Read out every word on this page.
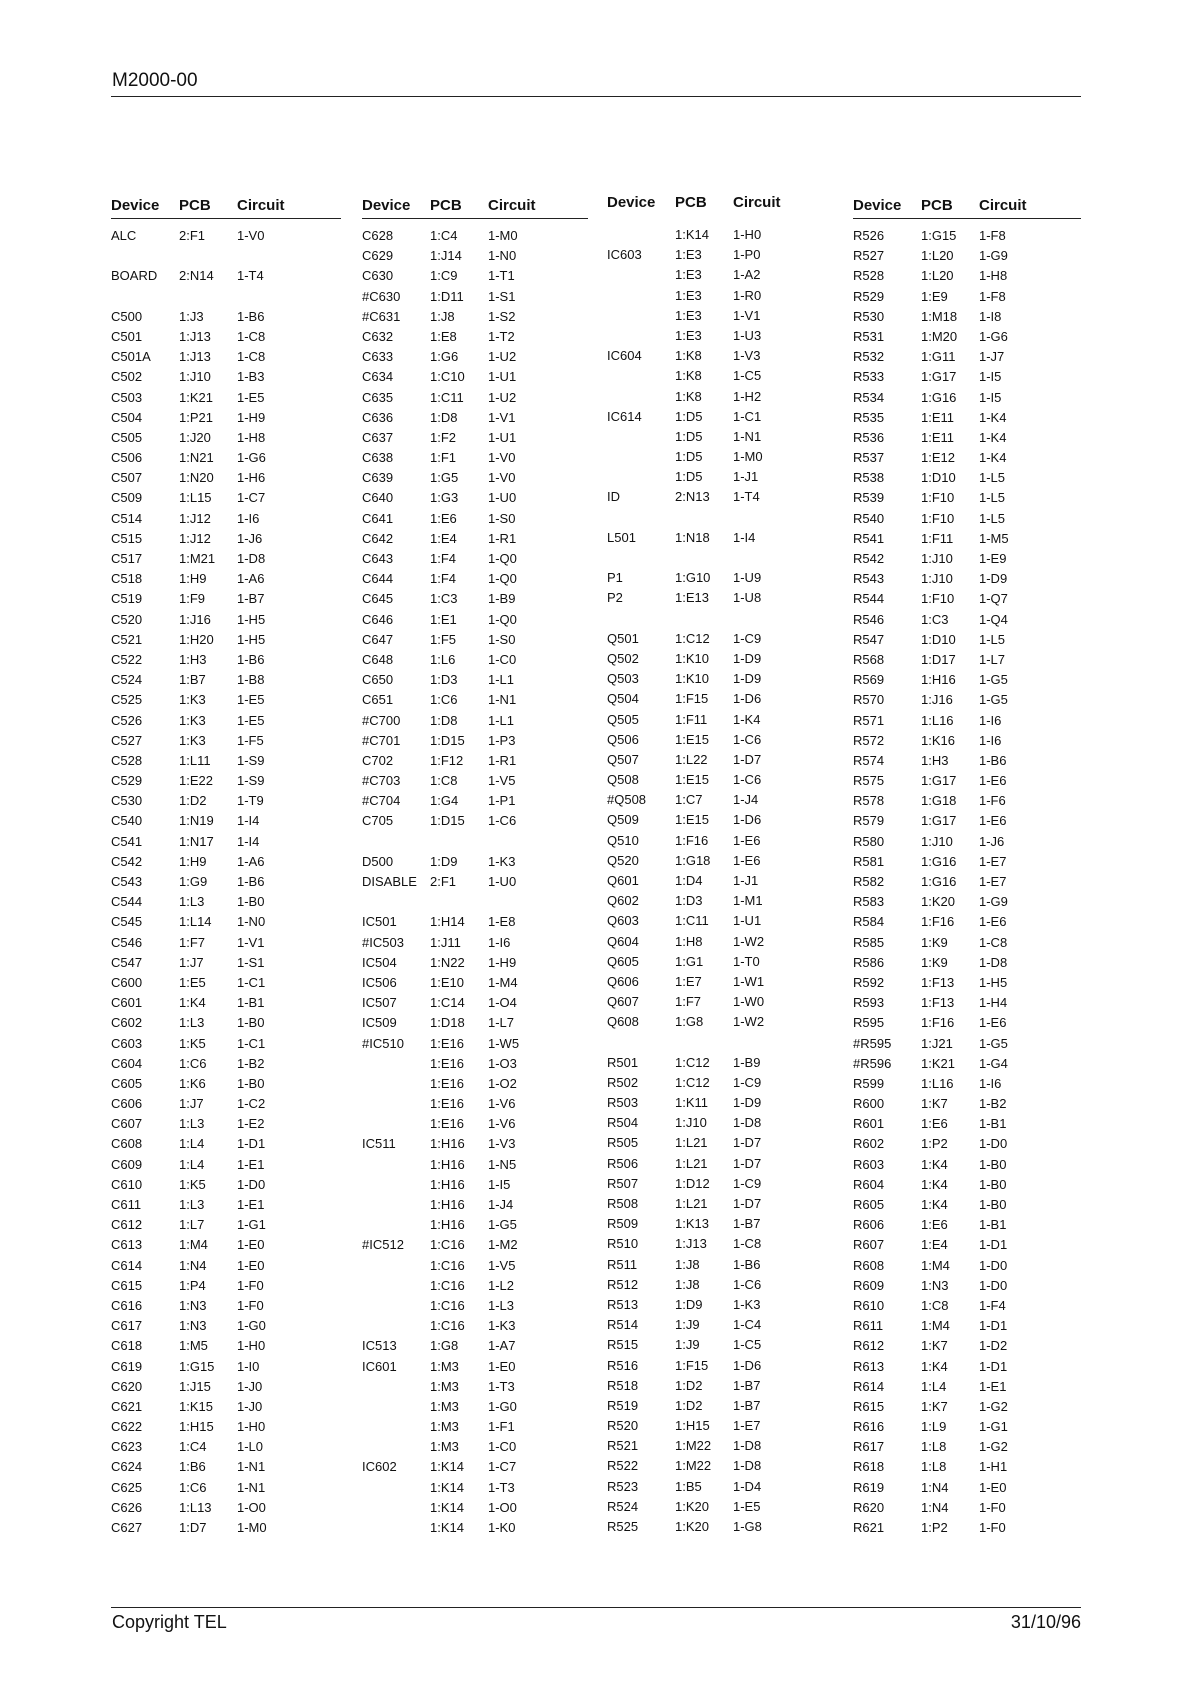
M2000-00
Device PCB Circuit
ALC	2:F1 1-V0
BOARD 2:N14 1-T4
C500	1:J3	1-B6
C501	1:J13 1-C8
C501A 1:J13 1-C8
C502	1:J10 1-B3
C503	1:K21 1-E5
C504	1:P21 1-H9
C505	1:J20 1-H8
C506	1:N21 1-G6
C507	1:N20 1-H6
C509	1:L15 1-C7
C514	1:J12 1-I6
C515	1:J12 1-J6
C517	1:M21 1-D8
C518	1:H9 1-A6
C519	1:F9 1-B7
C520	1:J16 1-H5
C521	1:H20 1-H5
C522	1:H3 1-B6
C524	1:B7 1-B8
C525	1:K3 1-E5
C526	1:K3 1-E5
C527	1:K3 1-F5
C528	1:L11 1-S9
C529	1:E22 1-S9
C530	1:D2 1-T9
C540	1:N19 1-I4
C541	1:N17 1-I4
C542	1:H9 1-A6
C543	1:G9 1-B6
C544	1:L3	1-B0
C545	1:L14 1-N0
C546	1:F7 1-V1
C547	1:J7	1-S1
C600	1:E5 1-C1
C601	1:K4 1-B1
C602	1:L3	1-B0
C603	1:K5 1-C1
C604	1:C6 1-B2
C605	1:K6 1-B0
C606	1:J7	1-C2
C607	1:L3	1-E2
C608	1:L4	1-D1
C609	1:L4	1-E1
C610	1:K5 1-D0
C611	1:L3	1-E1
C612	1:L7	1-G1
C613	1:M4 1-E0
C614	1:N4 1-E0
C615	1:P4 1-F0
C616	1:N3 1-F0
C617	1:N3 1-G0
C618	1:M5 1-H0
C619	1:G15 1-I0
C620	1:J15 1-J0
C621	1:K15 1-J0
C622	1:H15 1-H0
C623	1:C4 1-L0
C624	1:B6 1-N1
C625	1:C6 1-N1
C626	1:L13 1-O0
C627	1:D7 1-M0
Device PCB Circuit
C628	1:C4 1-M0
C629	1:J14 1-N0
C630	1:C9 1-T1
#C630 1:D11 1-S1
#C631 1:J8	1-S2
C632	1:E8 1-T2
C633	1:G6 1-U2
C634	1:C10 1-U1
C635	1:C11 1-U2
C636	1:D8 1-V1
C637	1:F2 1-U1
C638	1:F1 1-V0
C639	1:G5 1-V0
C640	1:G3 1-U0
C641	1:E6 1-S0
C642	1:E4 1-R1
C643	1:F4 1-Q0
C644	1:F4 1-Q0
C645	1:C3 1-B9
C646	1:E1 1-Q0
C647	1:F5 1-S0
C648	1:L6	1-C0
C650	1:D3 1-L1
C651	1:C6 1-N1
#C700 1:D8 1-L1
#C701 1:D15 1-P3
C702	1:F12 1-R1
#C703 1:C8 1-V5
#C704 1:G4 1-P1
C705	1:D15 1-C6
D500	1:D9 1-K3
DISABLE 2:F1 1-U0
IC501	1:H14 1-E8
#IC503 1:J11 1-I6
IC504	1:N22 1-H9
IC506	1:E10 1-M4
IC507	1:C14 1-O4
IC509	1:D18 1-L7
#IC510 1:E16 1-W5
1:E16 1-O3
1:E16 1-O2
1:E16 1-V6
1:E16 1-V6
IC511	1:H16 1-V3
1:H16 1-N5
1:H16 1-I5
1:H16 1-J4
1:H16 1-G5
#IC512 1:C16 1-M2
1:C16 1-V5
1:C16 1-L2
1:C16 1-L3
1:C16 1-K3
IC513	1:G8 1-A7
IC601	1:M3 1-E0
1:M3 1-T3
1:M3 1-G0
1:M3 1-F1
1:M3 1-C0
IC602	1:K14 1-C7
1:K14 1-T3
1:K14 1-O0
1:K14 1-K0
Device PCB Circuit
1:K14 1-H0
IC603	1:E3 1-P0
1:E3 1-A2
1:E3 1-R0
1:E3 1-V1
1:E3 1-U3
IC604	1:K8 1-V3
1:K8 1-C5
1:K8 1-H2
IC614	1:D5 1-C1
1:D5 1-N1
1:D5 1-M0
1:D5 1-J1
ID	2:N13 1-T4
L501	1:N18 1-I4
P1	1:G10 1-U9
P2	1:E13 1-U8
Q501	1:C12 1-C9
Q502	1:K10 1-D9
Q503	1:K10 1-D9
Q504	1:F15 1-D6
Q505	1:F11 1-K4
Q506	1:E15 1-C6
Q507	1:L22 1-D7
Q508	1:E15 1-C6
#Q508 1:C7 1-J4
Q509	1:E15 1-D6
Q510	1:F16 1-E6
Q520	1:G18 1-E6
Q601	1:D4 1-J1
Q602	1:D3 1-M1
Q603	1:C11 1-U1
Q604	1:H8 1-W2
Q605	1:G1 1-T0
Q606	1:E7 1-W1
Q607	1:F7 1-W0
Q608	1:G8 1-W2
R501	1:C12 1-B9
R502	1:C12 1-C9
R503	1:K11 1-D9
R504	1:J10 1-D8
R505	1:L21 1-D7
R506	1:L21 1-D7
R507	1:D12 1-C9
R508	1:L21 1-D7
R509	1:K13 1-B7
R510	1:J13 1-C8
R511	1:J8	1-B6
R512	1:J8	1-C6
R513	1:D9 1-K3
R514	1:J9	1-C4
R515	1:J9	1-C5
R516	1:F15 1-D6
R518	1:D2 1-B7
R519	1:D2 1-B7
R520	1:H15 1-E7
R521	1:M22 1-D8
R522	1:M22 1-D8
R523	1:B5 1-D4
R524	1:K20 1-E5
R525	1:K20 1-G8
Device PCB Circuit
R526	1:G15 1-F8
R527	1:L20 1-G9
R528	1:L20 1-H8
R529	1:E9 1-F8
R530	1:M18 1-I8
R531	1:M20 1-G6
R532	1:G11 1-J7
R533	1:G17 1-I5
R534	1:G16 1-I5
R535	1:E11 1-K4
R536	1:E11 1-K4
R537	1:E12 1-K4
R538	1:D10 1-L5
R539	1:F10 1-L5
R540	1:F10 1-L5
R541	1:F11 1-M5
R542	1:J10 1-E9
R543	1:J10 1-D9
R544	1:F10 1-Q7
R546	1:C3 1-Q4
R547	1:D10 1-L5
R568	1:D17 1-L7
R569	1:H16 1-G5
R570	1:J16 1-G5
R571	1:L16 1-I6
R572	1:K16 1-I6
R574	1:H3 1-B6
R575	1:G17 1-E6
R578	1:G18 1-F6
R579	1:G17 1-E6
R580	1:J10 1-J6
R581	1:G16 1-E7
R582	1:G16 1-E7
R583	1:K20 1-G9
R584	1:F16 1-E6
R585	1:K9 1-C8
R586	1:K9 1-D8
R592	1:F13 1-H5
R593	1:F13 1-H4
R595	1:F16 1-E6
#R595 1:J21 1-G5
#R596 1:K21 1-G4
R599	1:L16 1-I6
R600	1:K7 1-B2
R601	1:E6 1-B1
R602	1:P2 1-D0
R603	1:K4 1-B0
R604	1:K4 1-B0
R605	1:K4 1-B0
R606	1:E6 1-B1
R607	1:E4 1-D1
R608	1:M4 1-D0
R609	1:N3 1-D0
R610	1:C8 1-F4
R611	1:M4 1-D1
R612	1:K7 1-D2
R613	1:K4 1-D1
R614	1:L4	1-E1
R615	1:K7 1-G2
R616	1:L9	1-G1
R617	1:L8	1-G2
R618	1:L8	1-H1
R619	1:N4 1-E0
R620	1:N4 1-F0
R621	1:P2 1-F0
Copyright TEL	31/10/96
